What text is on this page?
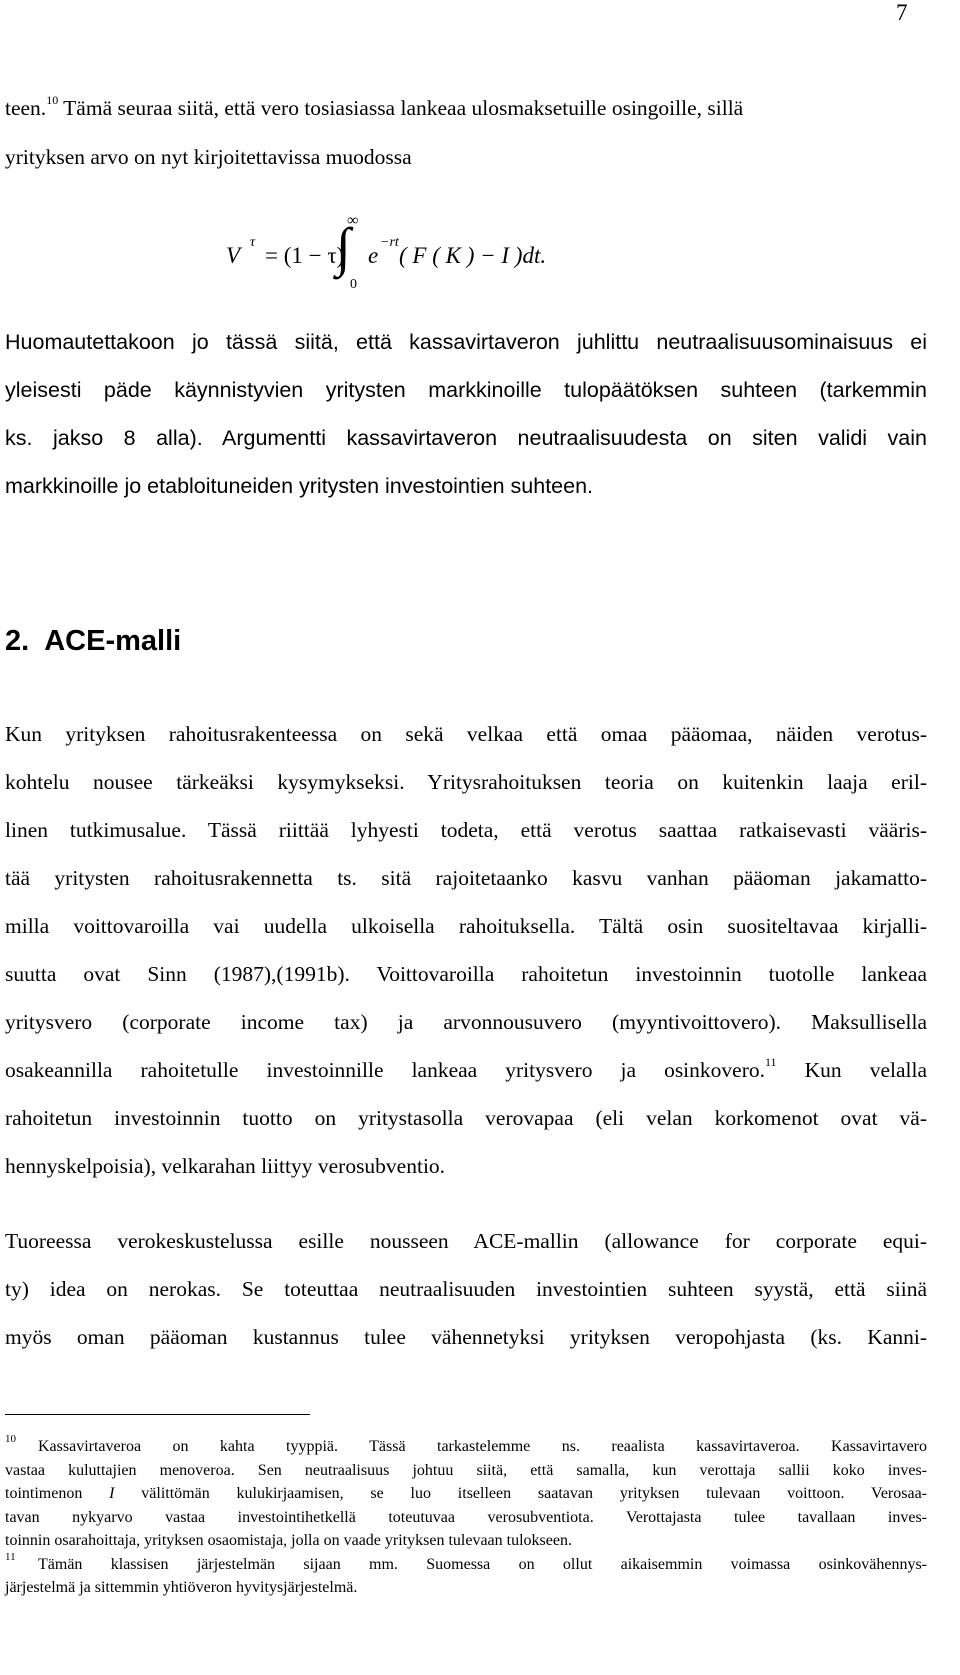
7
teen.$^{10}$ Tämä seuraa siitä, että vero tosiasiassa lankeaa ulosmaksetuille osingoille, sillä
yrityksen arvo on nyt kirjoitettavissa muodossa
V
τ
= (1 − τ)
∫
∞
0
e
−rt
( F ( K ) − I )dt.
Huomautettakoon jo tässä siitä, että kassavirtaveron juhlittu neutraalisuusominaisuus ei
yleisesti päde käynnistyvien yritysten markkinoille tulopäätöksen suhteen (tarkemmin
ks. jakso 8 alla). Argumentti kassavirtaveron neutraalisuudesta on siten validi vain
markkinoille jo etabloituneiden yritysten investointien suhteen.
2.  ACE-malli
Kun yrityksen rahoitusrakenteessa on sekä velkaa että omaa pääomaa, näiden verotus-
kohtelu nousee tärkeäksi kysymykseksi. Yritysrahoituksen teoria on kuitenkin laaja eril-
linen tutkimusalue. Tässä riittää lyhyesti todeta, että verotus saattaa ratkaisevasti vääris-
tää yritysten rahoitusrakennetta ts. sitä rajoitetaanko kasvu vanhan pääoman jakamatto-
milla voittovaroilla vai uudella ulkoisella rahoituksella. Tältä osin suositeltavaa kirjalli-
suutta ovat Sinn (1987),(1991b). Voittovaroilla rahoitetun investoinnin tuotolle lankeaa
yritysvero (corporate income tax) ja arvonnousuvero (myyntivoittovero). Maksullisella
osakeannilla rahoitetulle investoinnille lankeaa yritysvero ja osinkovero.$^{11}$ Kun velalla
rahoitetun investoinnin tuotto on yritystasolla verovapaa (eli velan korkomenot ovat vä-
hennyskelpoisia), velkarahan liittyy verosubventio.
Tuoreessa verokeskustelussa esille nousseen ACE-mallin (allowance for corporate equi-
ty) idea on nerokas. Se toteuttaa neutraalisuuden investointien suhteen syystä, että siinä
myös oman pääoman kustannus tulee vähennetyksi yrityksen veropohjasta (ks. Kanni-
10 Kassavirtaveroa on kahta tyyppiä. Tässä tarkastelemme ns. reaalista kassavirtaveroa. Kassavirtavero
vastaa kuluttajien menoveroa. Sen neutraalisuus johtuu siitä, että samalla, kun verottaja sallii koko inves-
tointimenon I välittömän kulukirjaamisen, se luo itselleen saatavan yrityksen tulevaan voittoon. Verosaa-
tavan nykyarvo vastaa investointihetkellä toteutuvaa verosubventiota. Verottajasta tulee tavallaan inves-
toinnin osarahoittaja, yrityksen osaomistaja, jolla on vaade yrityksen tulevaan tulokseen.
11 Tämän klassisen järjestelmän sijaan mm. Suomessa on ollut aikaisemmin voimassa osinkovähennys-
järjestelmä ja sittemmin yhtiöveron hyvitysjärjestelmä.
